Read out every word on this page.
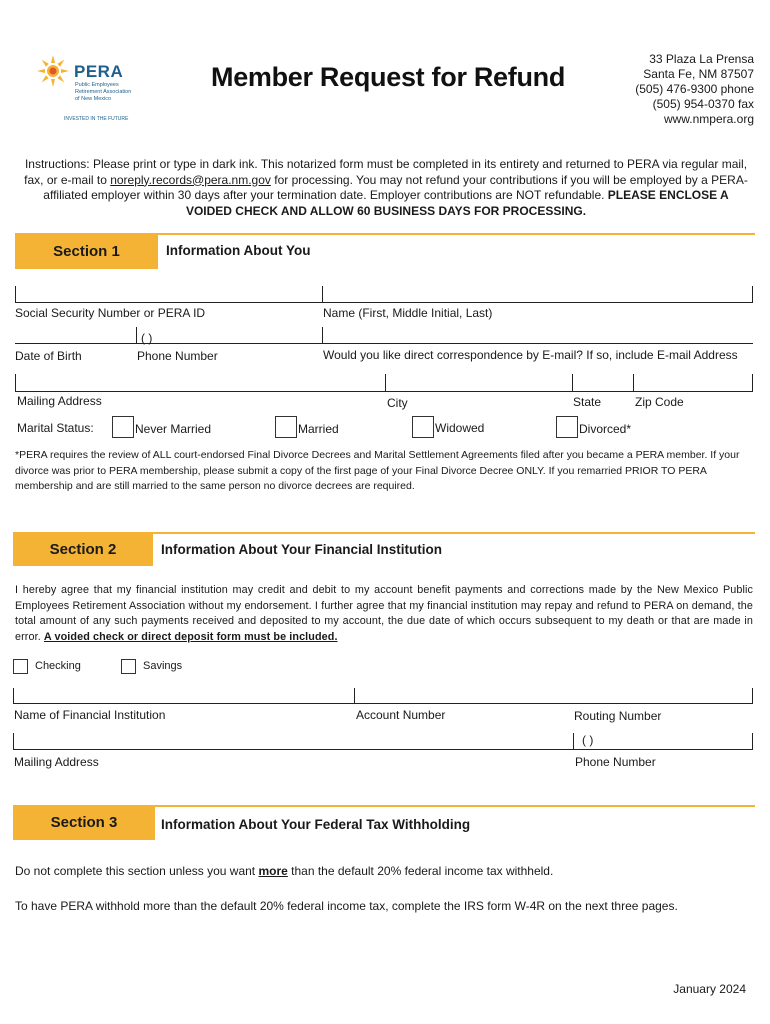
PERA
Public Employees
Retirement Association
of New Mexico
INVESTED IN THE FUTURE
Member Request for Refund
33 Plaza La Prensa
Santa Fe, NM 87507
(505) 476-9300 phone
(505) 954-0370 fax
www.nmpera.org
Instructions: Please print or type in dark ink. This notarized form must be completed in its entirety and returned to PERA via regular mail, fax, or e-mail to noreply.records@pera.nm.gov for processing. You may not refund your contributions if you will be employed by a PERA-affiliated employer within 30 days after your termination date. Employer contributions are NOT refundable. PLEASE ENCLOSE A VOIDED CHECK AND ALLOW 60 BUSINESS DAYS FOR PROCESSING.
Section 1	Information About You
Social Security Number or PERA ID	Name (First, Middle Initial, Last)
( )
Date of Birth	Phone Number	Would you like direct correspondence by E-mail? If so, include E-mail Address
Mailing Address	City	State	Zip Code
Marital Status:	Never Married	Married	Widowed	Divorced*
*PERA requires the review of ALL court-endorsed Final Divorce Decrees and Marital Settlement Agreements filed after you became a PERA member. If your divorce was prior to PERA membership, please submit a copy of the first page of your Final Divorce Decree ONLY. If you remarried PRIOR TO PERA membership and are still married to the same person no divorce decrees are required.
Section 2	Information About Your Financial Institution
I hereby agree that my financial institution may credit and debit to my account benefit payments and corrections made by the New Mexico Public Employees Retirement Association without my endorsement. I further agree that my financial institution may repay and refund to PERA on demand, the total amount of any such payments received and deposited to my account, the due date of which occurs subsequent to my death or that are made in error. A voided check or direct deposit form must be included.
Checking	Savings
Name of Financial Institution	Account Number	Routing Number
( )
Mailing Address	Phone Number
Section 3	Information About Your Federal Tax Withholding
Do not complete this section unless you want more than the default 20% federal income tax withheld.
To have PERA withhold more than the default 20% federal income tax, complete the IRS form W-4R on the next three pages.
January 2024
